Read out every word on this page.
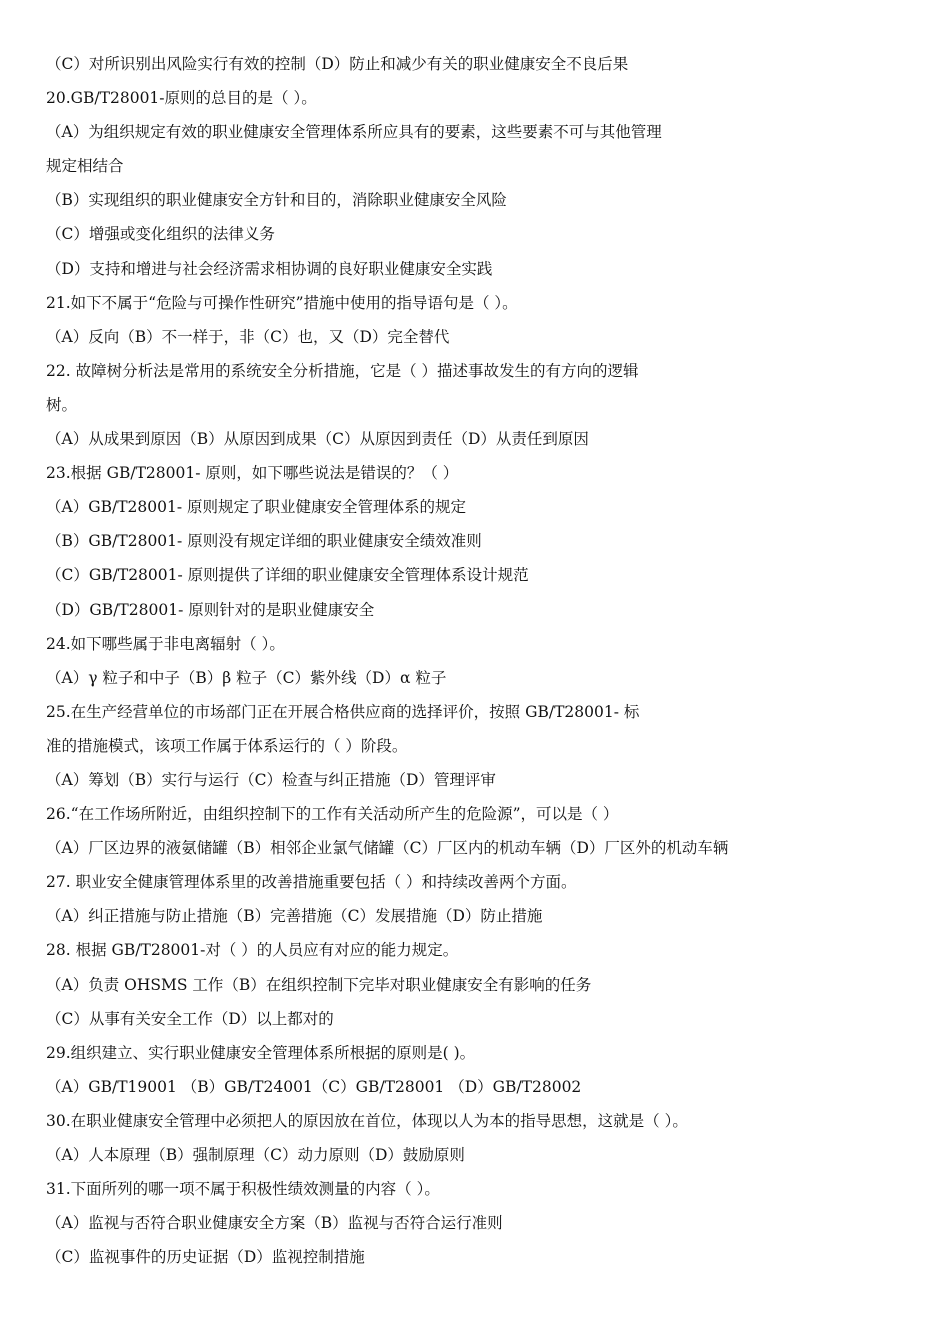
（C）对所识别出风险实行有效的控制（D）防止和减少有关的职业健康安全不良后果
20.GB/T28001-原则的总目的是（ ）。
（A）为组织规定有效的职业健康安全管理体系所应具有的要素，这些要素不可与其他管理
规定相结合
（B）实现组织的职业健康安全方针和目的，消除职业健康安全风险
（C）增强或变化组织的法律义务
（D）支持和增进与社会经济需求相协调的良好职业健康安全实践
21.如下不属于“危险与可操作性研究”措施中使用的指导语句是（ ）。
（A）反向（B）不一样于，非（C）也，又（D）完全替代
22. 故障树分析法是常用的系统安全分析措施，它是（ ）描述事故发生的有方向的逻辑
树。
（A）从成果到原因（B）从原因到成果（C）从原因到责任（D）从责任到原因
23.根据 GB/T28001- 原则，如下哪些说法是错误的？（ ）
（A）GB/T28001- 原则规定了职业健康安全管理体系的规定
（B）GB/T28001- 原则没有规定详细的职业健康安全绩效准则
（C）GB/T28001- 原则提供了详细的职业健康安全管理体系设计规范
（D）GB/T28001- 原则针对的是职业健康安全
24.如下哪些属于非电离辐射（ ）。
（A）γ 粒子和中子（B）β 粒子（C）紫外线（D）α 粒子
25.在生产经营单位的市场部门正在开展合格供应商的选择评价，按照 GB/T28001- 标
准的措施模式，该项工作属于体系运行的（ ）阶段。
（A）筹划（B）实行与运行（C）检查与纠正措施（D）管理评审
26.“在工作场所附近，由组织控制下的工作有关活动所产生的危险源”，可以是（ ）
（A）厂区边界的液氨储罐（B）相邻企业氯气储罐（C）厂区内的机动车辆（D）厂区外的机动车辆
27. 职业安全健康管理体系里的改善措施重要包括（ ）和持续改善两个方面。
（A）纠正措施与防止措施（B）完善措施（C）发展措施（D）防止措施
28. 根据 GB/T28001-对（ ）的人员应有对应的能力规定。
（A）负责 OHSMS 工作（B）在组织控制下完毕对职业健康安全有影响的任务
（C）从事有关安全工作（D）以上都对的
29.组织建立、实行职业健康安全管理体系所根据的原则是( )。
（A）GB/T19001 （B）GB/T24001（C）GB/T28001 （D）GB/T28002
30.在职业健康安全管理中必须把人的原因放在首位，体现以人为本的指导思想，这就是（ ）。
（A）人本原理（B）强制原理（C）动力原则（D）鼓励原则
31.下面所列的哪一项不属于积极性绩效测量的内容（ ）。
（A）监视与否符合职业健康安全方案（B）监视与否符合运行准则
（C）监视事件的历史证据（D）监视控制措施
